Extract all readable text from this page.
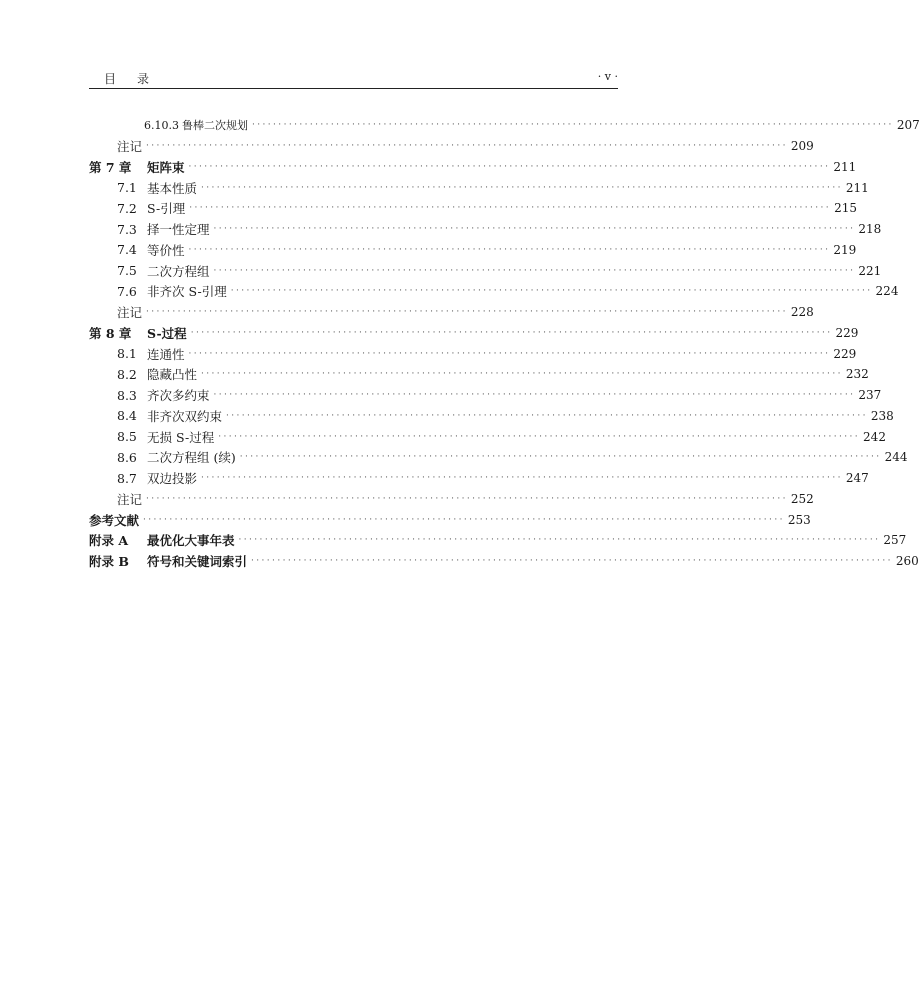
目录	· v ·
6.10.3 鲁棒二次规划 ·························································································································· 207
注记 ·························································································································· 209
第 7 章	矩阵束 ·························································································································· 211
7.1 基本性质 ·························································································································· 211
7.2 S-引理 ·························································································································· 215
7.3 择一性定理 ·························································································································· 218
7.4 等价性 ·························································································································· 219
7.5 二次方程组 ·························································································································· 221
7.6 非齐次 S-引理 ·························································································································· 224
注记 ·························································································································· 228
第 8 章	S-过程 ·························································································································· 229
8.1 连通性 ·························································································································· 229
8.2 隐藏凸性 ·························································································································· 232
8.3 齐次多约束 ·························································································································· 237
8.4 非齐次双约束 ·························································································································· 238
8.5 无损 S-过程 ·························································································································· 242
8.6 二次方程组 (续) ·························································································································· 244
8.7 双边投影 ·························································································································· 247
注记 ·························································································································· 252
参考文献 ·························································································································· 253
附录 A	最优化大事年表 ·························································································································· 257
附录 B	符号和关键词索引 ·························································································································· 260
